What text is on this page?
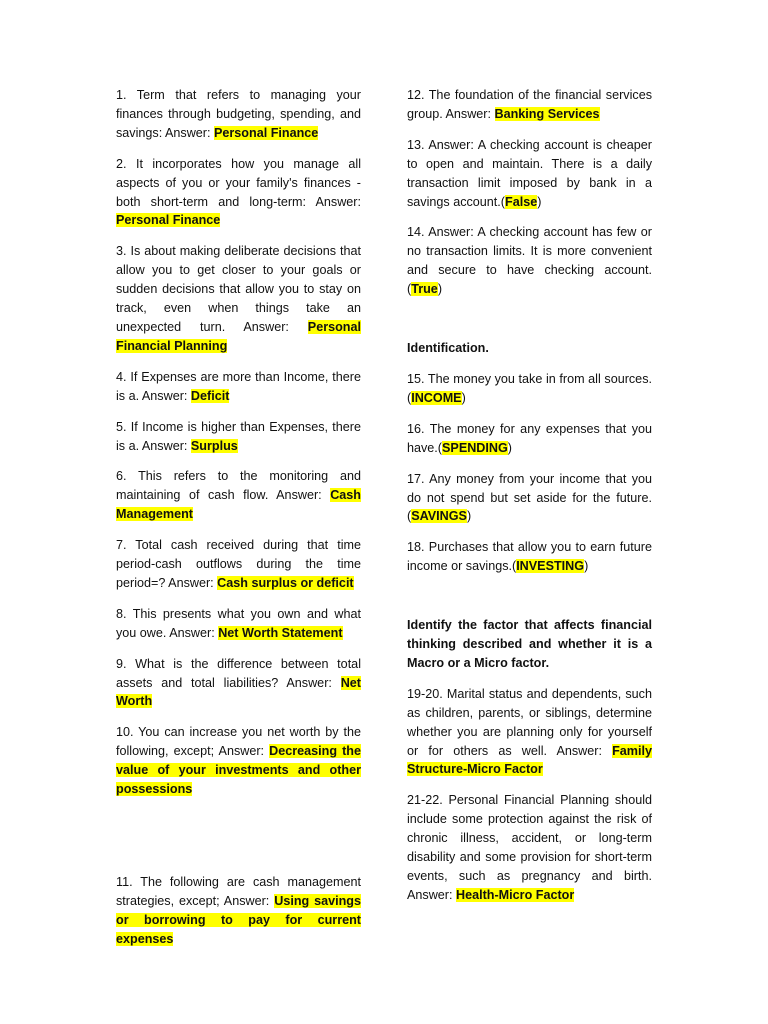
1. Term that refers to managing your finances through budgeting, spending, and savings: Answer: Personal Finance

2. It incorporates how you manage all aspects of you or your family's finances - both short-term and long-term: Answer: Personal Finance

3. Is about making deliberate decisions that allow you to get closer to your goals or sudden decisions that allow you to stay on track, even when things take an unexpected turn. Answer: Personal Financial Planning

4. If Expenses are more than Income, there is a. Answer: Deficit

5. If Income is higher than Expenses, there is a. Answer: Surplus

6. This refers to the monitoring and maintaining of cash flow. Answer: Cash Management

7. Total cash received during that time period-cash outflows during the time period=? Answer: Cash surplus or deficit

8. This presents what you own and what you owe. Answer: Net Worth Statement

9. What is the difference between total assets and total liabilities? Answer: Net Worth

10. You can increase you net worth by the following, except; Answer: Decreasing the value of your investments and other possessions

11. The following are cash management strategies, except; Answer: Using savings or borrowing to pay for current expenses

12. The foundation of the financial services group. Answer: Banking Services

13. Answer: A checking account is cheaper to open and maintain. There is a daily transaction limit imposed by bank in a savings account.(False)

14. Answer: A checking account has few or no transaction limits. It is more convenient and secure to have checking account.(True)

Identification.

15. The money you take in from all sources. (INCOME)

16. The money for any expenses that you have.(SPENDING)

17. Any money from your income that you do not spend but set aside for the future. (SAVINGS)

18. Purchases that allow you to earn future income or savings.(INVESTING)

Identify the factor that affects financial thinking described and whether it is a Macro or a Micro factor.

19-20. Marital status and dependents, such as children, parents, or siblings, determine whether you are planning only for yourself or for others as well. Answer: Family Structure-Micro Factor

21-22. Personal Financial Planning should include some protection against the risk of chronic illness, accident, or long-term disability and some provision for short-term events, such as pregnancy and birth. Answer: Health-Micro Factor
